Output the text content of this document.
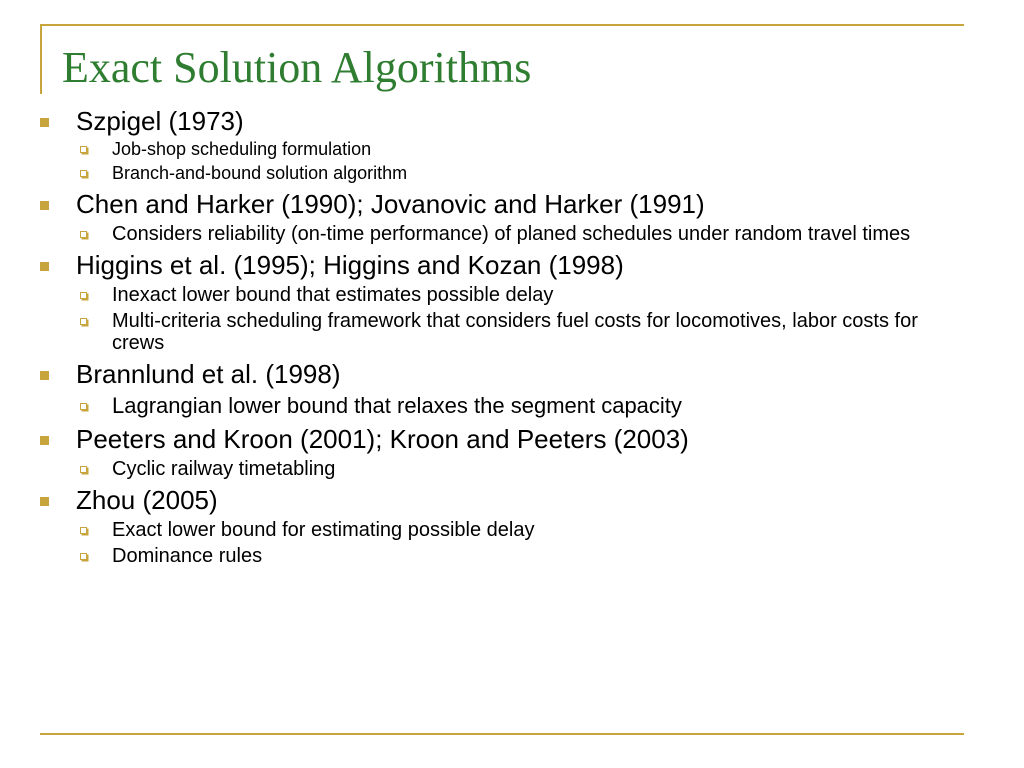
Exact Solution Algorithms
Szpigel (1973)
Job-shop scheduling formulation
Branch-and-bound solution algorithm
Chen and Harker (1990); Jovanovic and Harker (1991)
Considers reliability (on-time performance) of planed schedules under random travel times
Higgins et al. (1995); Higgins and Kozan (1998)
Inexact lower bound that estimates possible delay
Multi-criteria scheduling framework that considers fuel costs for locomotives, labor costs for crews
Brannlund et al. (1998)
Lagrangian lower bound that relaxes the segment capacity
Peeters and Kroon (2001); Kroon and Peeters (2003)
Cyclic railway timetabling
Zhou (2005)
Exact lower bound for estimating possible delay
Dominance rules
